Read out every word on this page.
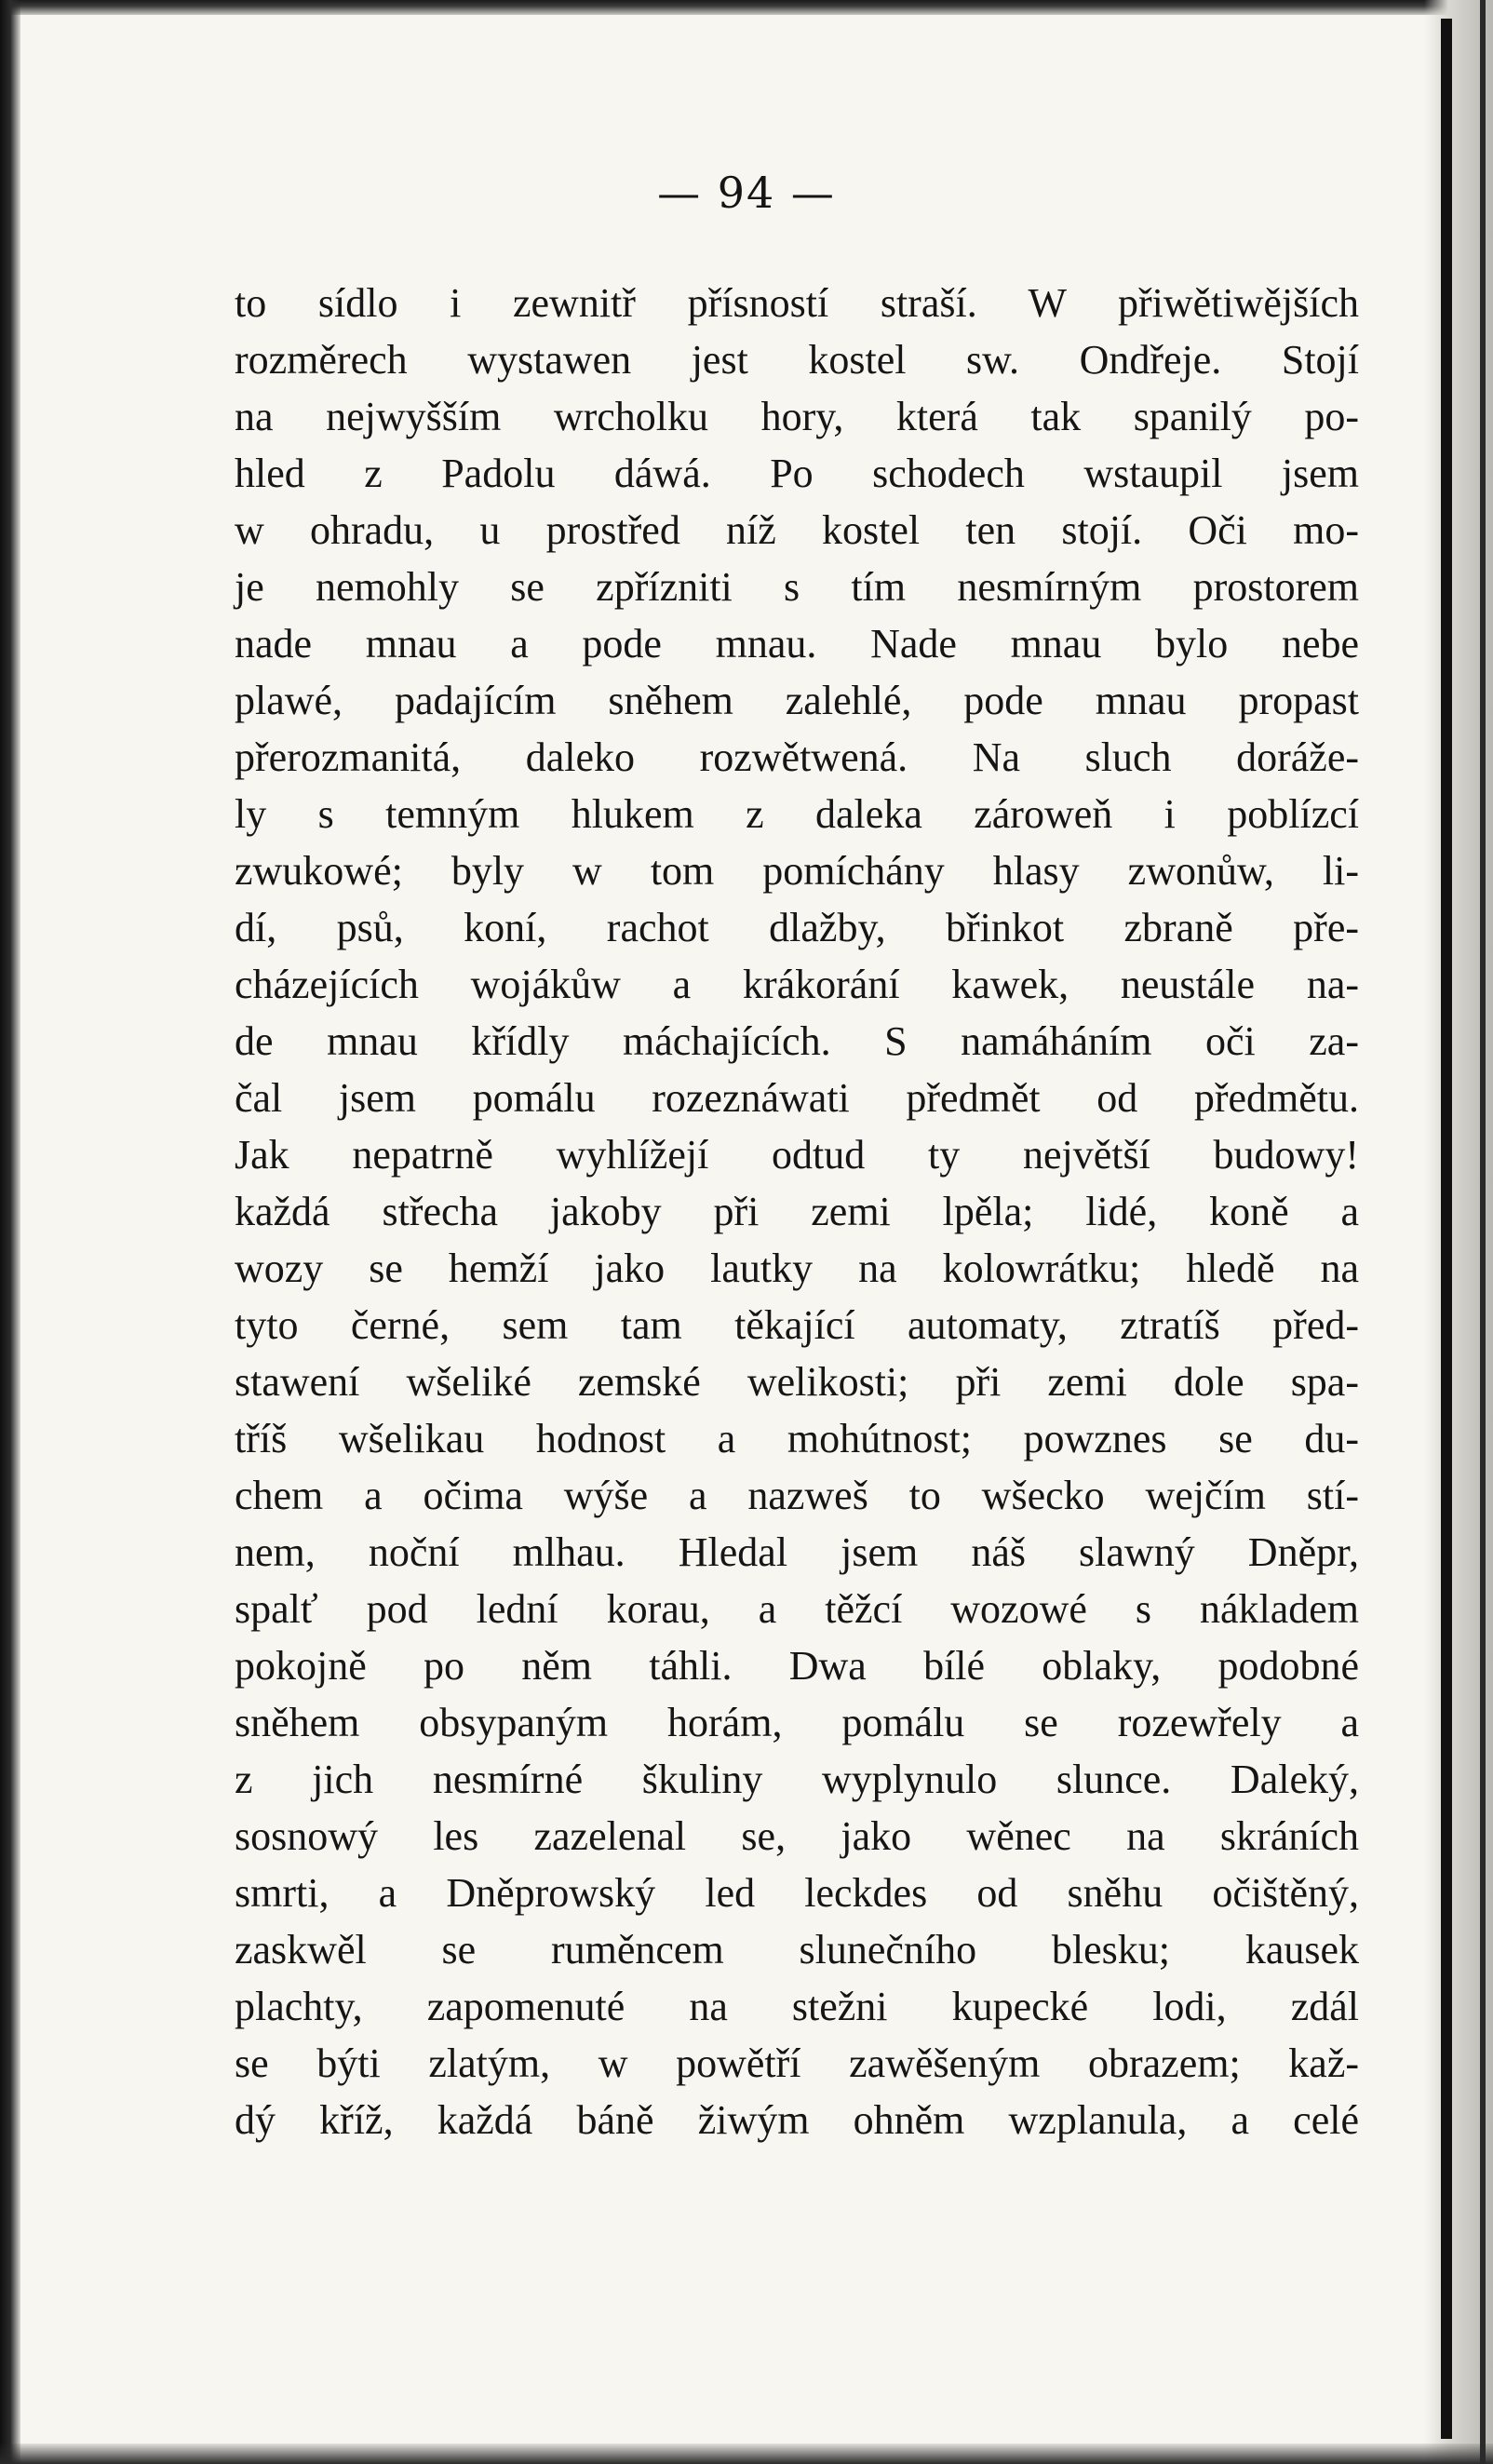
— 94 —
to sídlo i zewnitř přísností straší. W přiwětiwějších
rozměrech wystawen jest kostel sw. Ondřeje. Stojí
na nejwyšším wrcholku hory, která tak spanilý po-
hled z Padolu dáwá. Po schodech wstaupil jsem
w ohradu, u prostřed níž kostel ten stojí. Oči mo-
je nemohly se zpřízniti s tím nesmírným prostorem
nade mnau a pode mnau. Nade mnau bylo nebe
plawé, padajícím sněhem zalehlé, pode mnau propast
přerozmanitá, daleko rozwětwená. Na sluch doráže-
ly s temným hlukem z daleka zároweň i poblízcí
zwukowé; byly w tom pomíchány hlasy zwonůw, li-
dí, psů, koní, rachot dlažby, břinkot zbraně pře-
cházejících wojákůw a krákorání kawek, neustále na-
de mnau křídly máchajících. S namáháním oči za-
čal jsem pomálu rozeznáwati předmět od předmětu.
Jak nepatrně wyhlížejí odtud ty největší budowy!
každá střecha jakoby při zemi lpěla; lidé, koně a
wozy se hemží jako lautky na kolowrátku; hledě na
tyto černé, sem tam těkající automaty, ztratíš před-
stawení wšeliké zemské welikosti; při zemi dole spa-
tříš wšelikau hodnost a mohútnost; powznes se du-
chem a očima wýše a nazweš to wšecko wejčím stí-
nem, noční mlhau. Hledal jsem náš slawný Dněpr,
spalť pod lední korau, a těžcí wozowé s nákladem
pokojně po něm táhli. Dwa bílé oblaky, podobné
sněhem obsypaným horám, pomálu se rozewřely a
z jich nesmírné škuliny wyplynulo slunce. Daleký,
sosnowý les zazelenal se, jako wěnec na skráních
smrti, a Dněprowský led leckdes od sněhu očištěný,
zaskwěl se ruměncem slunečního blesku; kausek
plachty, zapomenuté na stežni kupecké lodi, zdál
se býti zlatým, w powětří zawěšeným obrazem; kaž-
dý kříž, každá báně žiwým ohněm wzplanula, a celé
